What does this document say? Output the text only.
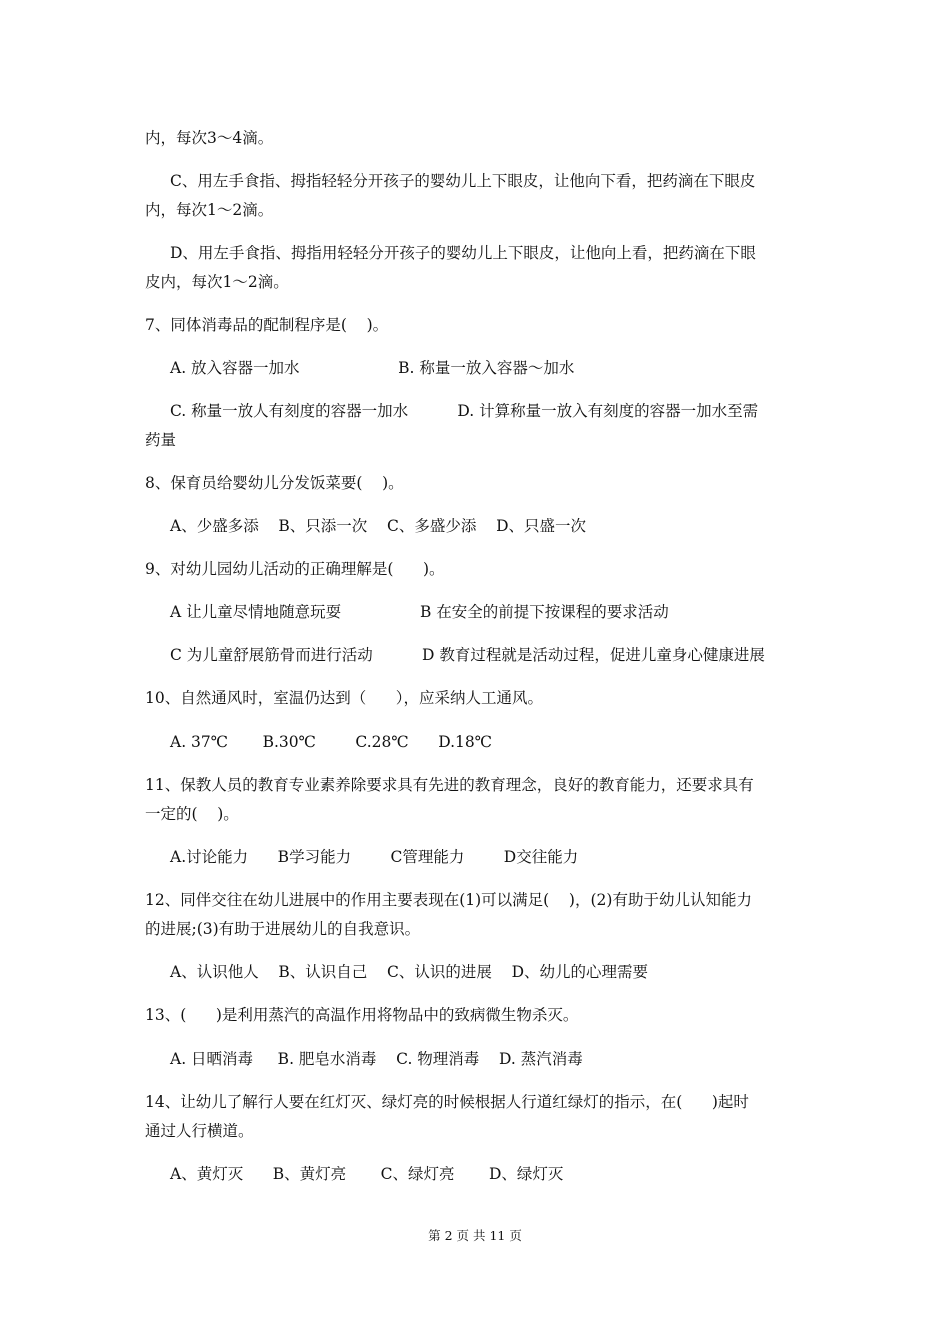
内，每次3～4滴。
C、用左手食指、拇指轻轻分开孩子的婴幼儿上下眼皮，让他向下看，把药滴在下眼皮
内，每次1～2滴。
D、用左手食指、拇指用轻轻分开孩子的婴幼儿上下眼皮，让他向上看，把药滴在下眼
皮内，每次1～2滴。
7、同体消毒品的配制程序是(    )。
A. 放入容器一加水                    B. 称量一放入容器～加水
C. 称量一放人有刻度的容器一加水          D. 计算称量一放入有刻度的容器一加水至需
药量
8、保育员给婴幼儿分发饭菜要(    )。
A、少盛多添    B、只添一次    C、多盛少添    D、只盛一次
9、对幼儿园幼儿活动的正确理解是(      )。
A 让儿童尽情地随意玩耍                B 在安全的前提下按课程的要求活动
C 为儿童舒展筋骨而进行活动          D 教育过程就是活动过程，促进儿童身心健康进展
10、自然通风时，室温仍达到（      ），应采纳人工通风。
A. 37℃       B.30℃        C.28℃      D.18℃
11、保教人员的教育专业素养除要求具有先进的教育理念，良好的教育能力，还要求具有
一定的(    )。
A.讨论能力      B学习能力        C管理能力        D交往能力
12、同伴交往在幼儿进展中的作用主要表现在(1)可以满足(    )，(2)有助于幼儿认知能力
的进展;(3)有助于进展幼儿的自我意识。
A、认识他人    B、认识自己    C、认识的进展    D、幼儿的心理需要
13、(      )是利用蒸汽的高温作用将物品中的致病微生物杀灭。
A. 日晒消毒     B. 肥皂水消毒    C. 物理消毒    D. 蒸汽消毒
14、让幼儿了解行人要在红灯灭、绿灯亮的时候根据人行道红绿灯的指示，在(      )起时
通过人行横道。
A、黄灯灭      B、黄灯亮       C、绿灯亮       D、绿灯灭
第 2 页 共 11 页
